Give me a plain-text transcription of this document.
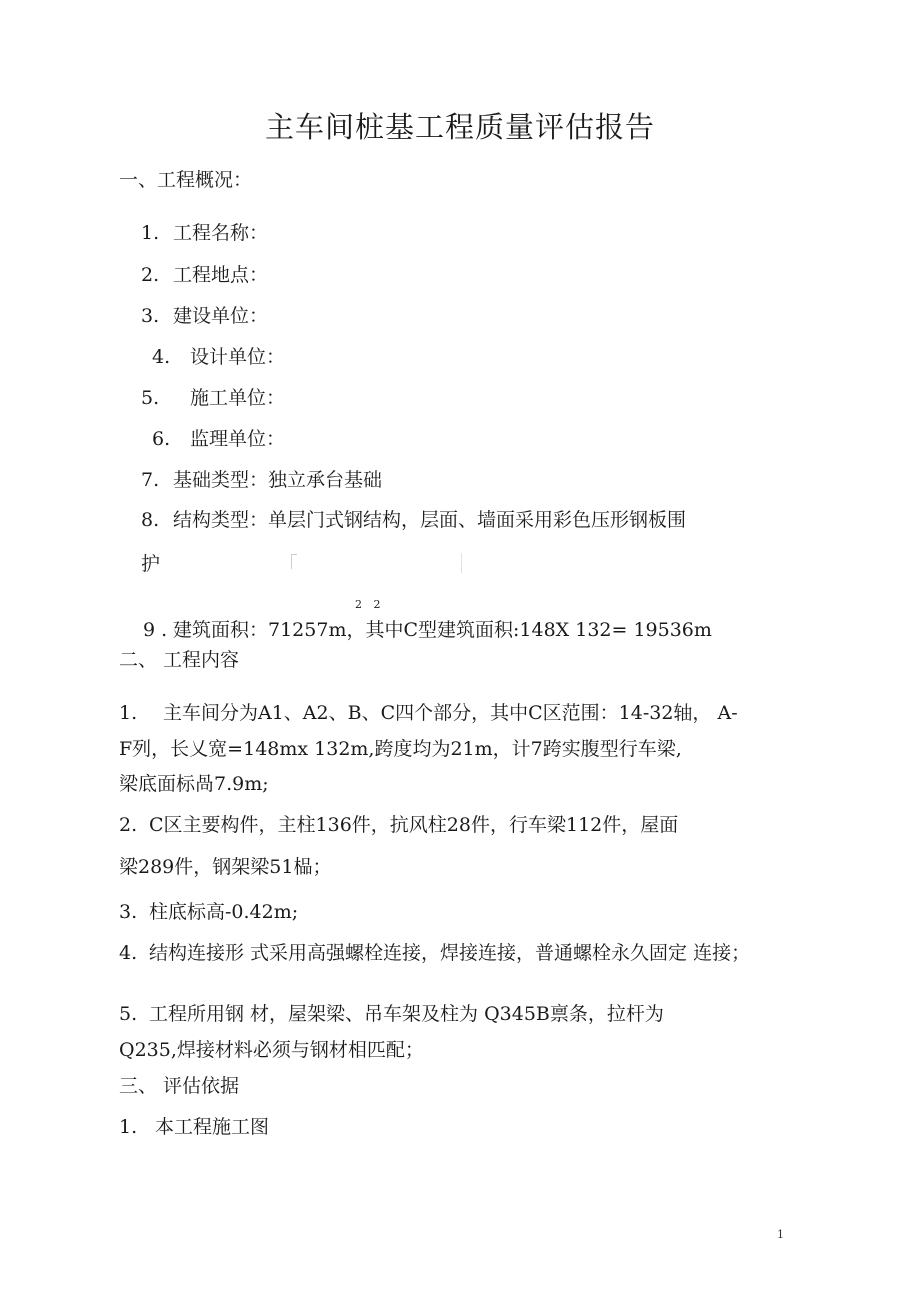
主车间桩基工程质量评估报告
一、工程概况：
1. 工程名称：
2. 工程地点：
3. 建设单位：
4. 设计单位：
5. 施工单位：
6. 监理单位：
7. 基础类型：独立承台基础
8. 结构类型：单层门式钢结构，层面、墙面采用彩色压形钢板围
护
2 2
9 . 建筑面积：71257m，其中C型建筑面积:148X 132= 19536m
二、 工程内容
1. 主车间分为A1、A2、B、C四个部分，其中C区范围：14-32轴， A-
F列，长乂宽=148mx 132m,跨度均为21m，计7跨实腹型行车梁,
梁底面标咼7.9m;
2. C区主要构件，主柱136件，抗风柱28件，行车梁112件，屋面
梁289件，钢架梁51榀；
3. 柱底标高-0.42m;
4. 结构连接形 式采用高强螺栓连接，焊接连接，普通螺栓永久固定 连接；
5. 工程所用钢 材，屋架梁、吊车架及柱为 Q345B禀条，拉杆为
Q235,焊接材料必须与钢材相匹配；
三、 评估依据
1. 本工程施工图
1
